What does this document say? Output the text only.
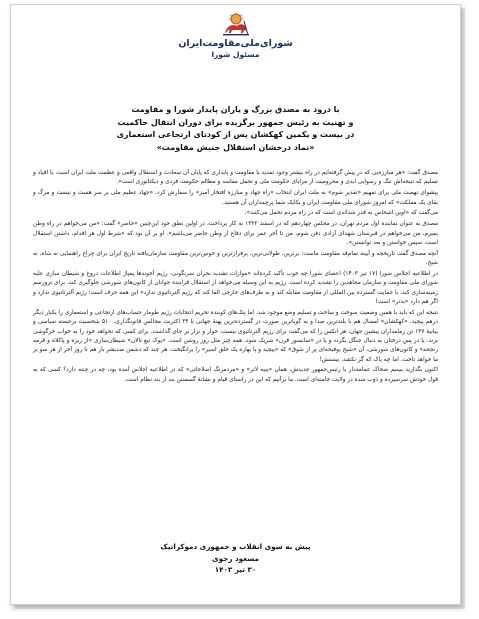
شورای‌ملی‌مقاومت‌ایران
مسئول شورا
با درود به مصدق بزرگ و یاران پایدار شورا و مقاومت
و تهنیت به رئیس جمهور برگزیده برای دوران انتقال حاکمیت
در بیست و یکمین کهکشان پس از کودتای ارتجاعی استعماری
«نماد درخشان استقلال جنبش مقاومت»

مصدق گفت: «هر مبارزه‌یی که در پیش گرفته‌ایم در راه بیشتر وجود تمدید یا مقاومت و پایداری که پایان آن سعادت و استقلال واقعی و عظمت ملت ایران است، یا اقیاد و تسلیم که نتیجه‌اش ننگ و رسوایی ابدی و محرومیت از مزایای حکومت ملی و تحمل مفاسد و مظالم حکومت فردی و دیکتاتوری است».

پیشوای نهضت ملی برای تفهیم «تقدیر شوم» به ملت ایران انتخاب «راه جهاد و مبارزه افتخار آمیز» را سفارش کرد. «جهاد عظیم ملی بر سر هست و نیست و مرگ و بقای یک مملکت» که امروز شورای ملی مقاومت ایران و یکایک شما پرچمداران آن هستید.

می‌گفت که «اوین اشخاص به قدر شدائدی است که در راه مردم تحمل می‌کنند».

مصدق به عنوان نماینده اول مردم تهران، در مجلس چهاردهم که در اسفند ۱۳۲۲ به کار پرداخت، در اولین نطق خود این‌چنین «حاضر» گفت: «من می‌خواهم در راه وطن بمیرم، من می‌خواهم در قبرستان شهدای آزادی دفن شوم، من تا آخر عمر برای دفاع از وطن حاضر می‌باشم». او بر آن بود که «شرط اول هر اقدام، داشتن استقلال است، سپس خواستن و بعد توانستن».

آنچه مصدق گفت تاریخچه و آیینه تمام‌قد مقاومت ماست: برترین، طولانی‌ترین، پرفراز‌ترین و خونین‌ترین مقاومت سازمان‌یافته تاریخ ایران برای چراغ راهنمایی نه شاه، نه شیخ.

در اطلاعیه اجلاس شورا (۱۷ تیر ۱۴۰۳) اعضای شورا چه خوب تأکید کرده‌اند «موازات تشدید بحران سرنگونی، رژیم آخوندها پمپاژ اطلاعات دروغ و شیطان سازی علیه شورای ملی مقاومت و سازمان مجاهدین را تشدید کرده است. رژیم به این وسیله می‌خواهد از استقلال فزاینده جوانان از کانون‌های شورشی جلوگیری کند، برای ترورسم زمینه‌سازی کند، با حمایت گسترده بین المللی از مقاومت مقابله کند و به طرف‌های خارجی القا کند که رژیم آلترناتیوی ندارد» این همه حرف است؛ رژیم آلترناتیوی ندارد و اگر هم دارد «بدتر» است!

نتیجه این که باید با همین وضعیت سوخت و ساخت و تسلیم وضع موجود شد. اما پتک‌های کوبنده تحریم انتخابات رژیم طومار حساب‌های ارتجاعی و استعماری را یکبار دیگر درهم پیچید. «کهکشان» امسال هم با بلندترین صدا و به گویاترین صورت در گسترده‌ترین پهنهٔ جهانی با ۳۴ اکثریت مجالس قانونگذاری، ۵۱۰ شخصیت برجسته سیاسی و بیانیهٔ ۱۳۷ تن زمامداران پیشین جهان، هر انکس را که می‌گفت برای رژیم آلترناتیوی نیست، خوار و نزار بر جای گذاشت. برای کسی که نخواهد خود را به خواب خرگوشی بزند، یا در پس درختان به دنبال جنگل بگردد و یا در «سانسور قرن» شریک شود، همه چیز مثل روز روشن است. «پوک تیغ تالان» شیطان‌سازی «از ریزه و پاکلاه و قرمه رنجحه» و کانون‌های شورشی، آن «شیخ بوقیحه‌ای پر از شوق» که «پیچید و پا بهاره یک خلق اسیر» را برانگیخت. هر چند که دشمن ضدبشر باز هم تا روز آخر از هر سو بر ما خواهد تاخت. اما چه باک که گر نکشد، نیستش!

اکنون بگذارید ببینیم ضحاک عمامه‌دار با رئیس‌جمهور جدیدش، همان «پنبه لاتر» و «مردمرنگ اصلاحاتی» که در اطلاعیه اجلاس آمده بود، چه در چنته دارد؟ کسی که به قول خودش سرسپرده و ذوب شده در ولایت خامنه‌ای است. ما برآنیم که این در راستای قیام و نشانهٔ گسستن بند از بند نظام است.

پیش به سوی انقلاب و جمهوری دموکراتیک
مسعود رجوی
۳۰ تیر ۱۴۰۳
